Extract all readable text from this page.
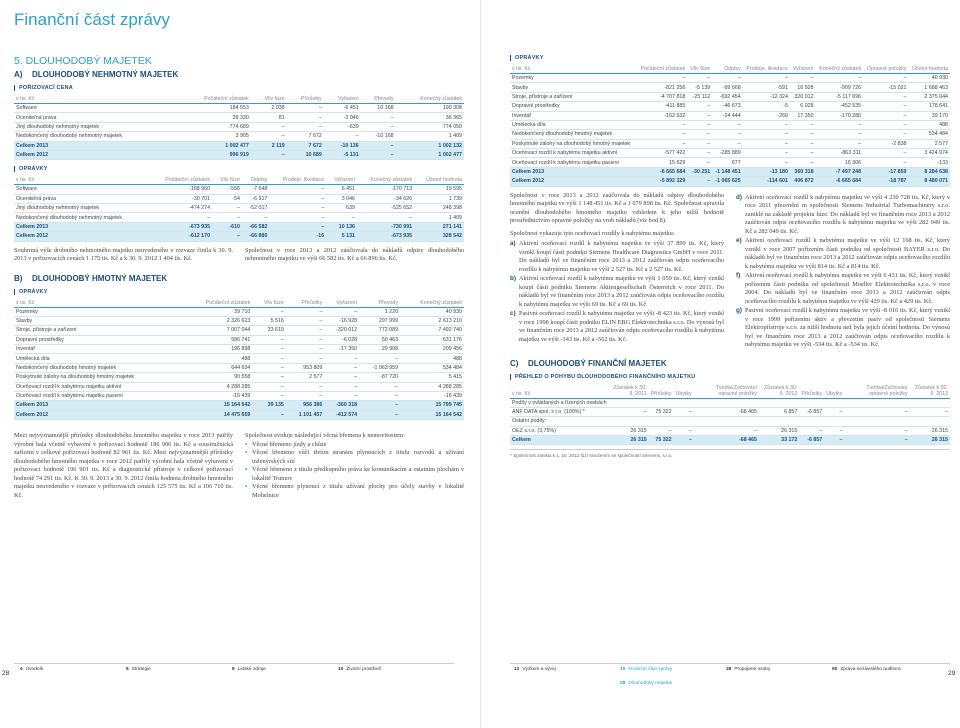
Finanční část zprávy
5. DLOUHODOBÝ MAJETEK
A) DLOUHODOBÝ NEHMOTNÝ MAJETEK
POŘIZOVACÍ CENA
v tis. Kč	Počáteční zůstatek	Vliv fúze	Přírůstky	Vyřazení	Převody	Konečný zůstatek
Software	184 553	2 038	–	-6 451	10 168	190 308
Oceniteľná práva	39 330	81	–	-3 046	–	36 365
Jiný dlouhodobý nehmotný majetek	774 689	–	–	-639	–	774 050
Nedokončený dlouhodobý nehmotný majetek	3 905	–	7 672	–	-10 168	1 409
Celkem 2013	1 002 477	2 119	7 672	-10 136	–	1 002 132
Celkem 2012	996 919	–	10 689	-5 131	–	1 002 477
OPRÁVKY
v tis. Kč	Počáteční zůstatek	Vliv fúze	Odpisy	Prodeje, likvidace	Vyřazení	Konečný zůstatek	Účetní hodnota
Software	-168 960	-556	-7 648	–	6 451	-170 713	19 595
Ocenitelná práva	-30 701	-54	-6 917	–	3 046	-34 626	1 739
Jiný dlouhodobý nehmotný majetek	-474 274	–	-52 017	–	639	-525 652	248 398
Nedokončený dlouhodobý nehmotný majetek	–	–	–	–	–	–	1 409
Celkem 2013	-673 935	-610	-66 582	–	10 136	-730 991	271 141
Celkem 2012	-612 170	–	-66 880	-16	5 131	-673 935	328 542
Souhrnná výše drobného nehmotného majetku neuvedeného v rozvaze činila k 30. 9. 2013 v pořizovacích cenách 1 175 tis. Kč a k 30. 9. 2012 1 404 tis. Kč.
Společnost v roce 2013 a 2012 zaúčtovala do nákladů odpisy dlouhodobého nehmotného majetku ve výši 66 582 tis. Kč a 66 896 tis. Kč.
B) DLOUHODOBÝ HMOTNÝ MAJETEK
OPRÁVKY
v tis. Kč	Počáteční zůstatek	Vliv fúze	Přírůstky	Vyřazení	Převody	Konečný zůstatek
Pozemky	39 710	–	–	–	1 220	40 930
Stavby	2 326 623	5 516	–	-16 928	297 999	2 613 210
Stroje, přístroje a zařízení	7 007 044	33 619	–	-320 012	772 089	7 492 740
Dopravní prostředky	586 741	–	–	-6 028	50 463	631 176
Inventář	196 898	–	–	-17 350	29 908	209 456
Umělecká díla	488	–	–	–	–	488
Nedokončený dlouhodobý hmotný majetek	644 634	–	953 809	–	-1 063 959	534 484
Poskytnuté zálohy na dlouhodobý hmotný majetek	90 558	–	2 577	–	-87 720	5 415
Oceňovací rozdíl k nabytému majetku aktivní	4 288 285	–	–	–	–	4 288 285
Oceňovací rozdíl k nabytému majetku pasivní	-16 439	–	–	–	–	-16 439
Celkem 2013	15 164 542	39 135	956 386	-360 318	–	15 799 745
Celkem 2012	14 475 659	–	1 101 457	-412 574	–	15 164 542
Mezi nejvýznamnější přírůstky dlouhodobého hmotného majetku v roce 2013 patřily výrobní hala včetně vybavení v pořizovací hodnotě 186 906 tis. Kč a soustružnická zařízení v celkové pořizovací hodnotě 82 961 tis. Kč. Mezi nejvýznamnější přírůstky dlouhodobého hmotného majetku v roce 2012 patřily výrobní hala včetně vybavení v pořizovací hodnotě 196 901 tis. Kč a diagnostické přístroje v celkové pořizovací hodnotě 74 291 tis. Kč. K 30. 9. 2013 a 30. 9. 2012 činila hodnota drobného hmotného majetku neuvedeného v rozvaze v pořizovacích cenách 125 575 tis. Kč a 106 710 tis. Kč.
Společnost eviduje následující věcná břemena k nemovitostem:
▪ Věcné břemeno jízdy a chůze
▪ Věcné břemeno vůči třetím stranám plynoucích z titulu rozvodů a užívání inženýrských sítí
▪ Věcné břemeno z titulu předkupního práva ke komunikacím a ostatním plochám v lokalitě Trutnov
▪ Věcné břemeno plynoucí z titulu užívání plochy pro účely stavby v lokalitě Mohelnice
OPRÁVKY
v tis. Kč	Počáteční zůstatek	Vliv fúze	Odpisy	Prodeje, likvidace	Vyřazení	Konečný zůstatek	Opravné položky	Účetní hodnota
Pozemky	–	–	–	–	–	–	–	40 930
Stavby	-821 256	-5 139	-99 668	-591	16 928	-909 726	-15 021	1 688 463
Stroje, přístroje a zařízení	-4 707 818	-25 112	-692 454	-12 324	320 012	-5 117 696	–	2 375 044
Dopravní prostředky	-411 885	–	-46 673	-5	6 028	-452 535	–	178 641
Inventář	-162 932	–	-24 444	-260	17 350	-170 286	–	39 170
Umělecká díla	–	–	–	–	–	–	–	488
Nedokončený dlouhodobý hmotný majetek	–	–	–	–	–	–	–	534 484
Poskytnuté zálohy na dlouhodobý hmotný majetek	–	–	–	–	–	–	-2 838	2 577
Oceňovací rozdíl k nabytému majetku aktivní	-577 422	–	-285 889	–	–	-863 311	–	3 424 974
Oceňovací rozdíl k nabytému majetku pasivní	15 629	–	677	–	–	16 306	–	-133
Celkem 2013	-6 665 684	-30 251	-1 148 451	-13 180	360 318	-7 497 248	-17 859	8 284 638
Celkem 2012	-5 892 329	–	-1 065 625	-114 601	406 872	-6 665 684	-18 787	8 480 071
Společnost v roce 2013 a 2012 zaúčtovala do nákladů odpisy dlouhodobého hmotného majetku ve výši 1 148 451 tis. Kč a 1 079 898 tis. Kč. Společnost upravila ocenění dlouhodobého hmotného majetku vzhledem k jeho nižší hodnotě prostřednictvím opravné položky na vrub nákladů (viz bod 8).
Společnost vykazuje tyto oceňovací rozdíly k nabytému majetku:
a) Aktivní oceňovací rozdíl k nabytému majetku ve výši 37 899 tis. Kč, který vznikl koupí části podniku Siemens Healthcare Diagnostics GmbH v roce 2011. Do nákladů byl ve finančním roce 2013 a 2012 zaúčtován odpis oceňovacího rozdílu k nabytému majetku ve výši 2 527 tis. Kč a 2 527 tis. Kč.
b) Aktivní oceňovací rozdíl k nabytému majetku ve výši 1 059 tis. Kč, který vznikl koupí části podniku Siemens Aktiengesellschaft Österreich v roce 2011. Do nákladů byl ve finančním roce 2013 a 2012 zaúčtován odpis oceňovacího rozdílu k nabytému majetku ve výši 69 tis. Kč a 69 tis. Kč.
c) Pasivní oceňovací rozdíl k nabytému majetku ve výši -8 423 tis. Kč, který vznikl v roce 1998 koupí části podniku ELIN EBG Elektrotechnika s.r.o. Do výnosů byl ve finančním roce 2013 a 2012 zaúčtován odpis oceňovacího rozdílu k nabytému majetku ve výši -143 tis. Kč a -562 tis. Kč.
d) Aktivní oceňovací rozdíl k nabytému majetku ve výši 4 230 728 tis. Kč, který v roce 2011 přecenění m společnosti Siemens Industrial Turbomachinery s.r.o. zaniklé na základě projektu fúze. Do nákladů byl ve finančním roce 2013 a 2012 zaúčtován odpis oceňovacího rozdílu k nabytému majetku ve výši 282 049 tis. Kč a 282 049 tis. Kč.
e) Aktivní oceňovací rozdíl k nabytému majetku ve výši 12 168 tis. Kč, který vznikl v roce 2007 pořízením části podniku od společnosti BAYER s.r.o. Do nákladů byl ve finančním roce 2013 a 2012 zaúčtován odpis oceňovacího rozdílu k nabytému majetku ve výši 814 tis. Kč a 814 tis. Kč.
f) Aktivní oceňovací rozdíl k nabytému majetku ve výši 6 431 tis. Kč, který vznikl pořízením části podniku od společnosti Moeller Elektrotechnika s.r.o. v roce 2004. Do nákladů byl ve finančním roce 2013 a 2012 zaúčtován odpis oceňovacího rozdílu k nabytému majetku ve výši 429 tis. Kč a 429 tis. Kč.
g) Pasivní oceňovací rozdíl k nabytému majetku ve výši -8 016 tis. Kč, který vznikl v roce 1999 pořízením aktiv a převzetím pasiv od společnosti Siemens Elektropřístroje s.r.o. za nižší hodnotu než byla jejich účetní hodnota. Do výnosů byl ve finančním roce 2013 a 2012 zaúčtován odpis oceňovacího rozdílu k nabytému majetku ve výši -534 tis. Kč a -534 tis. Kč.
C) DLOUHODOBÝ FINANČNÍ MAJETEK
PŘEHLED O POHYBU DLOUHODOBÉHO FINANČNÍHO MAJETKU
v tis. Kč	Zůstatek k 30. 9. 2011	Přírůstky	Úbytky	Tvorba/Zúčtování opravné položky	Zůstatek k 30. 9. 2012	Přírůstky	Úbytky	Tvorba/Zúčtování opravné položky	Zůstatek k 30. 9. 2013
Podíly v ovládaných a řízených osobách									
ANF DATA spol. s r.o. (100%) *	–	75 322	–	-68 465	6 857	-6 857	–	–	–
Ostatní podíly:									
OEZ s.r.o. (3,75%)	26 315	–	–	–	26 315	–	–	–	26 315
Celkem	26 315	75 322	–	-68 465	33 172	-6 857	–	–	26 315
* Společnost zanikla k 1. 10. 2012 fúzí sloučením se společností Siemens, s.r.o.
28	29
4 Úvodník	6 Strategie	8 Lidské zdroje	10 Životní prostředí	12 Výzkum a vývoj	15 Finanční část zprávy	38 Propojené osoby	50 Zpráva nezávislého auditora
28 Dlouhodobý majetek
